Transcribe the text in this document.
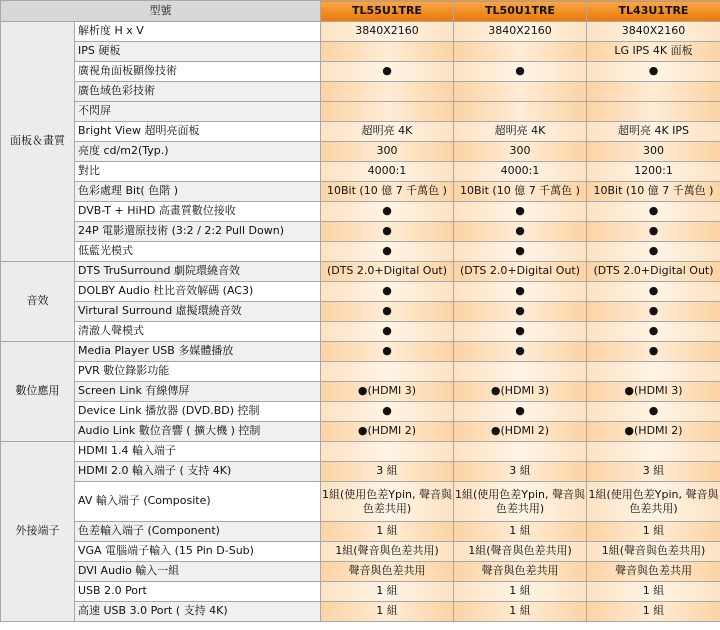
型號		TL55U1TRE	TL50U1TRE	TL43U1TRE
面板＆畫質	解析度 H x V	3840X2160	3840X2160	3840X2160
	IPS 硬板			LG IPS 4K 面板
	廣視角面板顯像技術	●	●	●
	廣色域色彩技術			
	不閃屏			
	Bright View 超明亮面板	超明亮 4K	超明亮 4K	超明亮 4K IPS
	亮度 cd/m2(Typ.)	300	300	300
	對比	4000:1	4000:1	1200:1
	色彩處理 Bit( 色階 )	10Bit (10 億 7 千萬色 )	10Bit (10 億 7 千萬色 )	10Bit (10 億 7 千萬色 )
	DVB-T + HiHD 高畫質數位接收	●	●	●
	24P 電影還原技術 (3:2 / 2:2 Pull Down)	●	●	●
	低藍光模式	●	●	●
音效	DTS TruSurround 劇院環繞音效	(DTS 2.0+Digital Out)	(DTS 2.0+Digital Out)	(DTS 2.0+Digital Out)
	DOLBY Audio 杜比音效解碼 (AC3)	●	●	●
	Virtural Surround 虛擬環繞音效	●	●	●
	清澈人聲模式	●	●	●
數位應用	Media Player USB 多媒體播放	●	●	●
	PVR 數位錄影功能			
	Screen Link 有線傳屏	●(HDMI 3)	●(HDMI 3)	●(HDMI 3)
	Device Link 播放器 (DVD.BD) 控制	●	●	●
	Audio Link 數位音響 ( 擴大機 ) 控制	●(HDMI 2)	●(HDMI 2)	●(HDMI 2)
外接端子	HDMI 1.4 輸入端子			
	HDMI 2.0 輸入端子 ( 支持 4K)	3 組	3 組	3 組
	AV 輸入端子 (Composite)	1組(使用色差Ypin, 聲音與色差共用)	1組(使用色差Ypin, 聲音與色差共用)	1組(使用色差Ypin, 聲音與色差共用)
	色差輸入端子 (Component)	1 組	1 組	1 組
	VGA 電腦端子輸入 (15 Pin D-Sub)	1組(聲音與色差共用)	1組(聲音與色差共用)	1組(聲音與色差共用)
	DVI Audio 輸入一組	聲音與色差共用	聲音與色差共用	聲音與色差共用
	USB 2.0 Port	1 組	1 組	1 組
	高速 USB 3.0 Port ( 支持 4K)	1 組	1 組	1 組
